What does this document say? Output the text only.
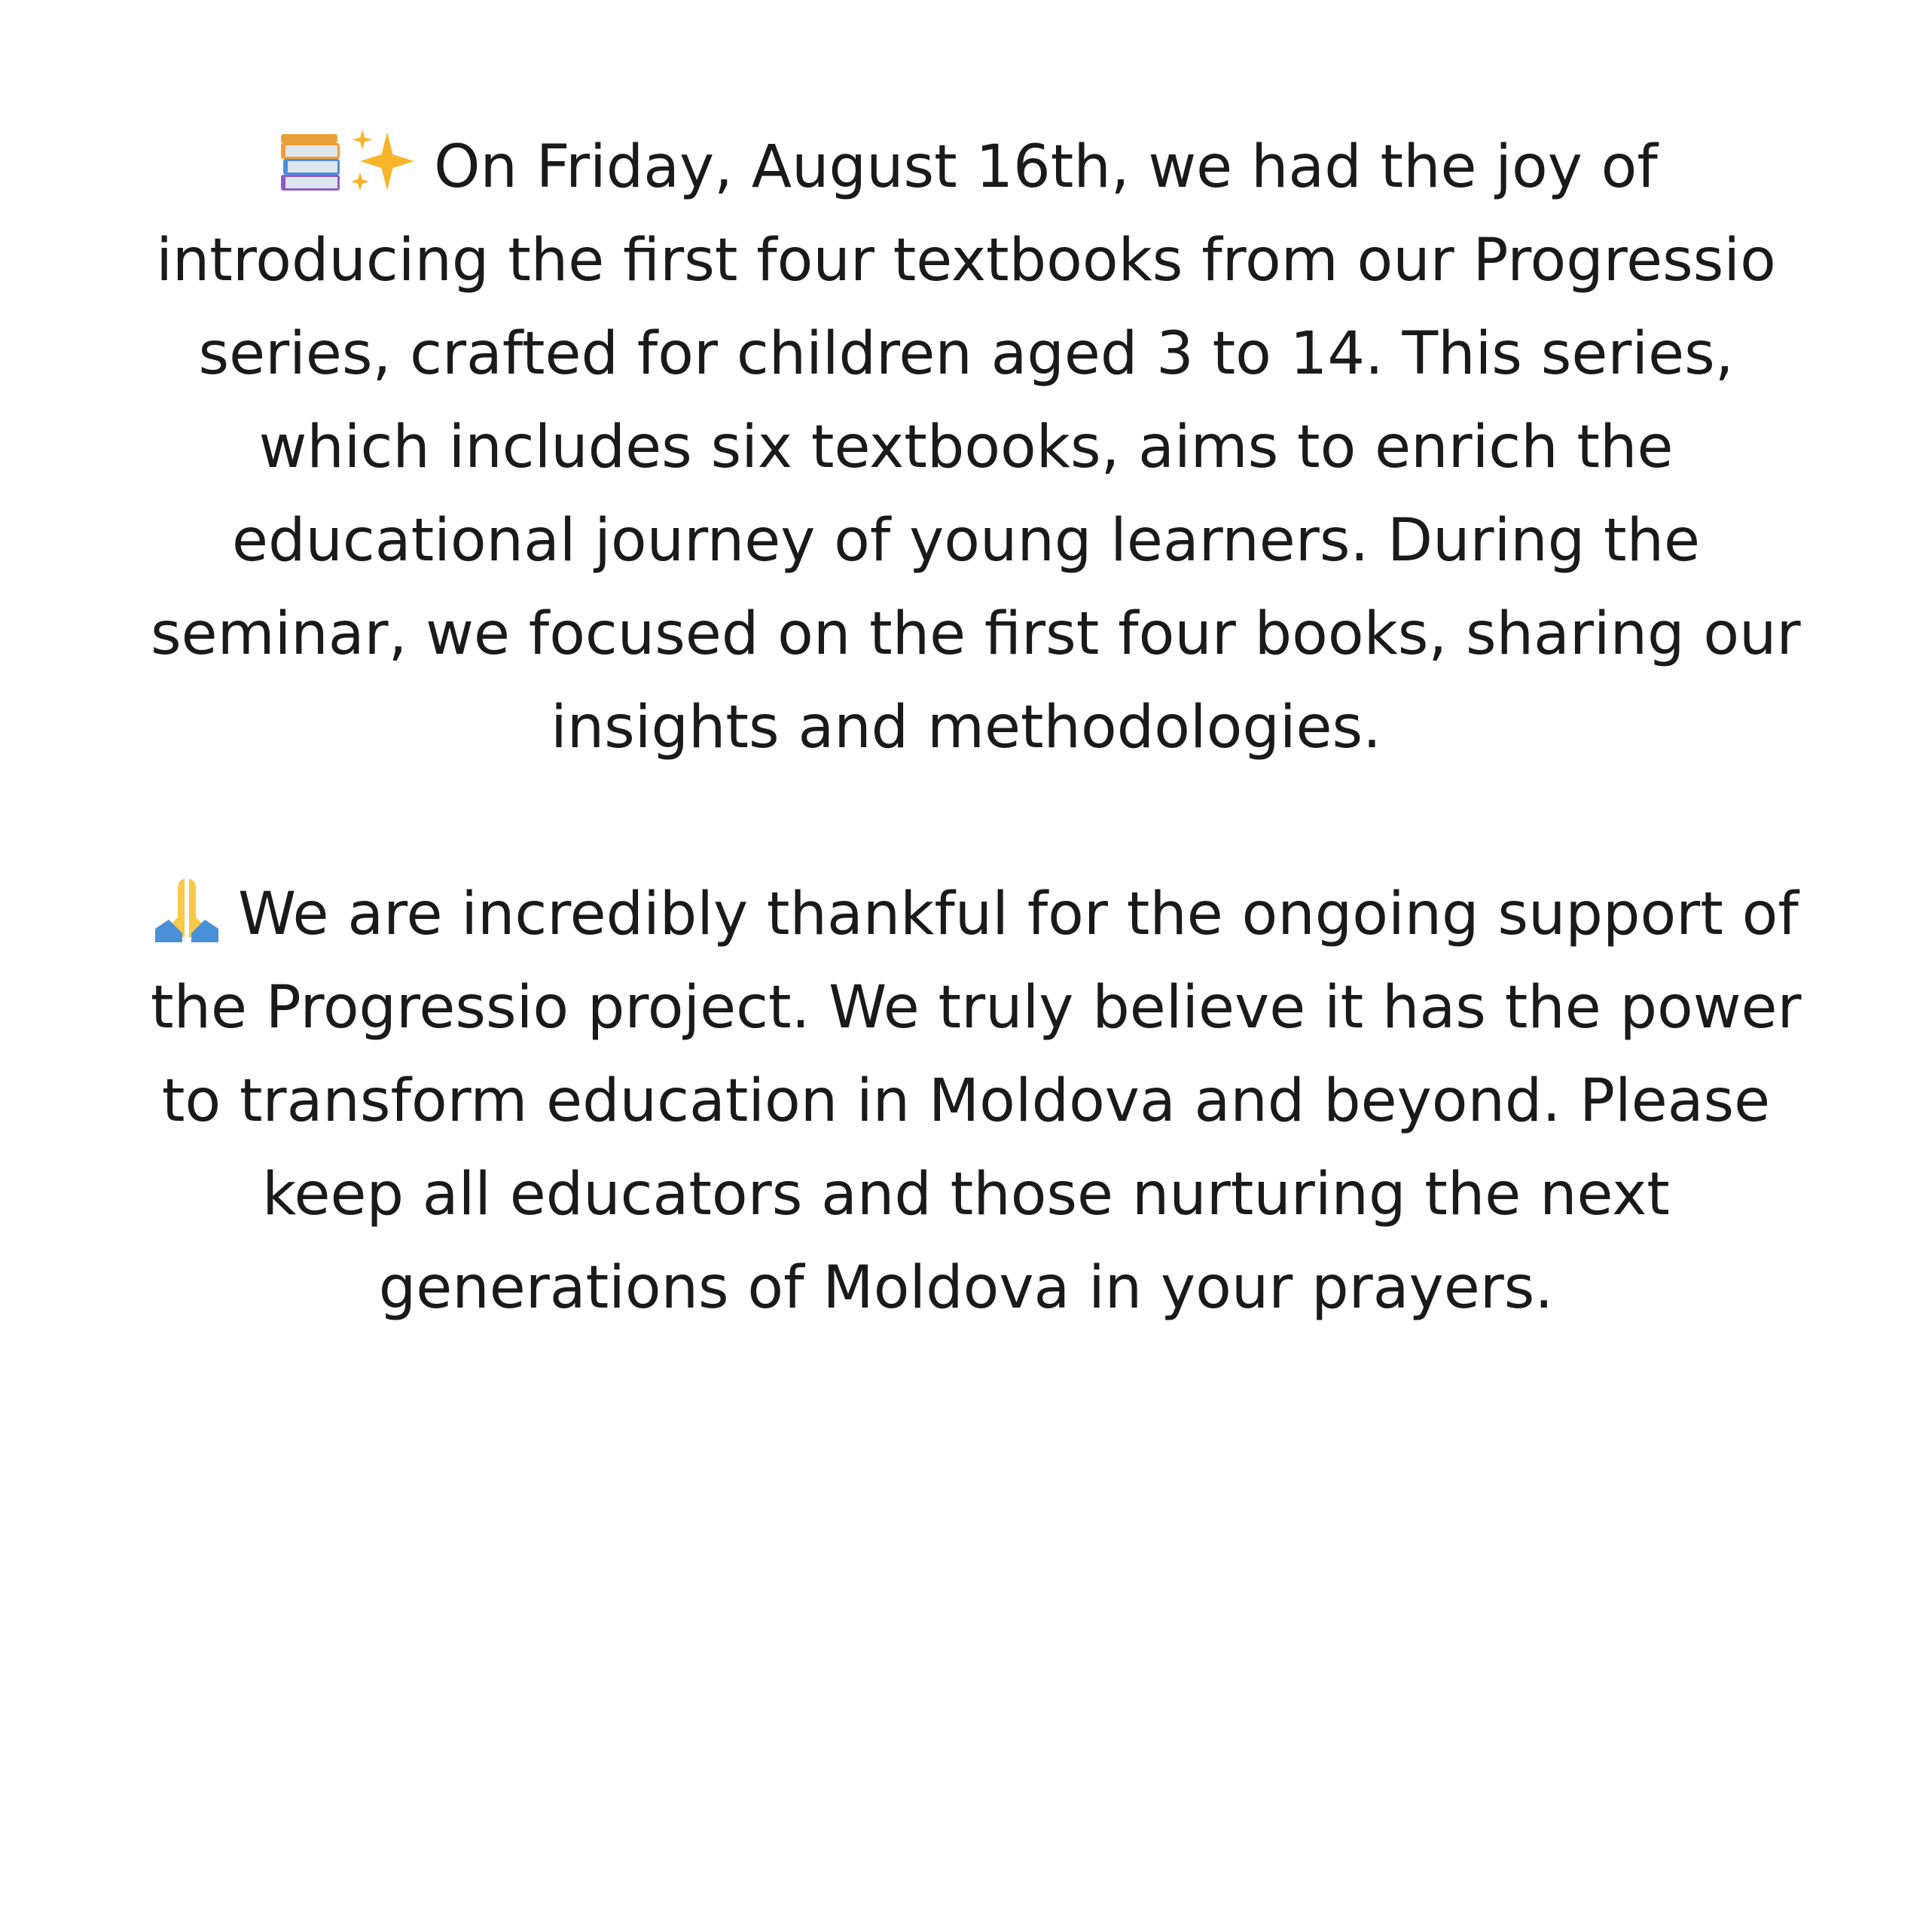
On Friday, August 16th, we had the joy of
introducing the first four textbooks from our Progressio
series, crafted for children aged 3 to 14. This series,
which includes six textbooks, aims to enrich the
educational journey of young learners. During the
seminar, we focused on the first four books, sharing our
insights and methodologies.

We are incredibly thankful for the ongoing support of
the Progressio project. We truly believe it has the power
to transform education in Moldova and beyond. Please
keep all educators and those nurturing the next
generations of Moldova in your prayers.
